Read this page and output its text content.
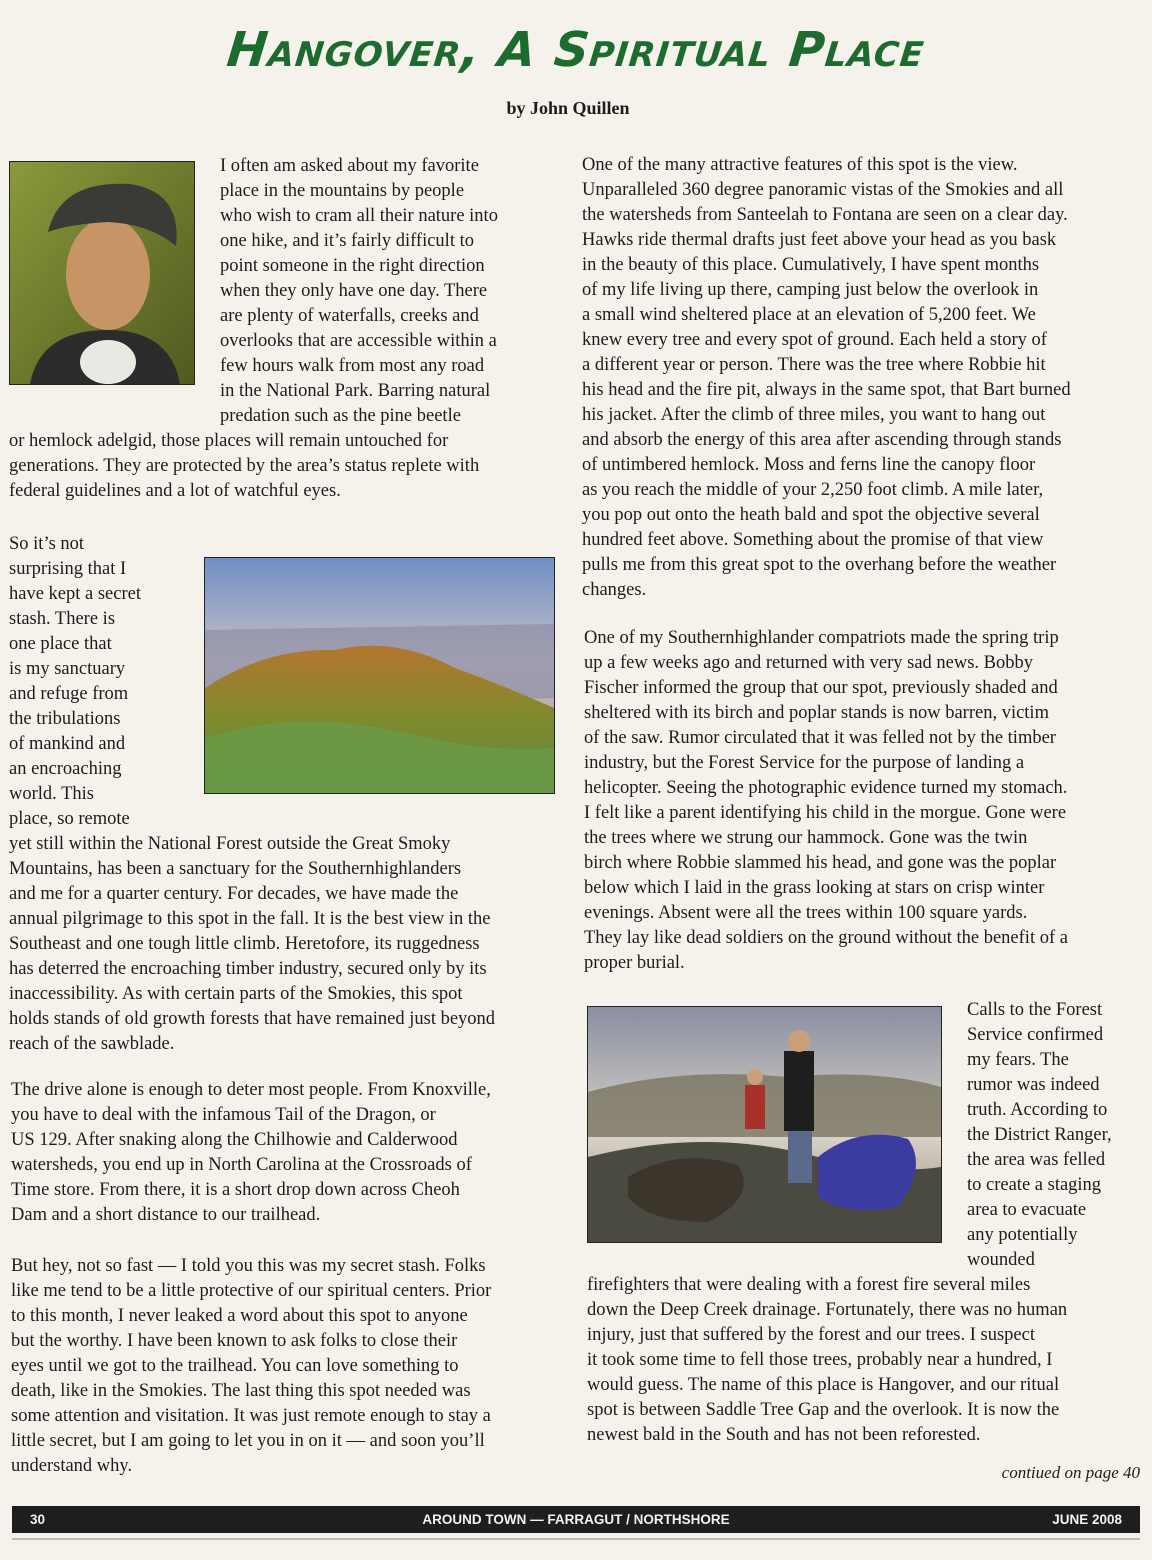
Hangover, A Spiritual Place
by John Quillen
I often am asked about my favorite
place in the mountains by people
who wish to cram all their nature into
one hike, and it’s fairly difficult to
point someone in the right direction
when they only have one day. There
are plenty of waterfalls, creeks and
overlooks that are accessible within a
few hours walk from most any road
in the National Park. Barring natural
predation such as the pine beetle
or hemlock adelgid, those places will remain untouched for
generations. They are protected by the area’s status replete with
federal guidelines and a lot of watchful eyes.
So it’s not
surprising that I
have kept a secret
stash. There is
one place that
is my sanctuary
and refuge from
the tribulations
of mankind and
an encroaching
world. This
place, so remote
yet still within the National Forest outside the Great Smoky
Mountains, has been a sanctuary for the Southernhighlanders
and me for a quarter century. For decades, we have made the
annual pilgrimage to this spot in the fall. It is the best view in the
Southeast and one tough little climb. Heretofore, its ruggedness
has deterred the encroaching timber industry, secured only by its
inaccessibility. As with certain parts of the Smokies, this spot
holds stands of old growth forests that have remained just beyond
reach of the sawblade.
The drive alone is enough to deter most people. From Knoxville,
you have to deal with the infamous Tail of the Dragon, or
US 129. After snaking along the Chilhowie and Calderwood
watersheds, you end up in North Carolina at the Crossroads of
Time store. From there, it is a short drop down across Cheoh
Dam and a short distance to our trailhead.
But hey, not so fast — I told you this was my secret stash. Folks
like me tend to be a little protective of our spiritual centers. Prior
to this month, I never leaked a word about this spot to anyone
but the worthy. I have been known to ask folks to close their
eyes until we got to the trailhead. You can love something to
death, like in the Smokies. The last thing this spot needed was
some attention and visitation. It was just remote enough to stay a
little secret, but I am going to let you in on it — and soon you’ll
understand why.
One of the many attractive features of this spot is the view.
Unparalleled 360 degree panoramic vistas of the Smokies and all
the watersheds from Santeelah to Fontana are seen on a clear day.
Hawks ride thermal drafts just feet above your head as you bask
in the beauty of this place. Cumulatively, I have spent months
of my life living up there, camping just below the overlook in
a small wind sheltered place at an elevation of 5,200 feet. We
knew every tree and every spot of ground. Each held a story of
a different year or person. There was the tree where Robbie hit
his head and the fire pit, always in the same spot, that Bart burned
his jacket. After the climb of three miles, you want to hang out
and absorb the energy of this area after ascending through stands
of untimbered hemlock. Moss and ferns line the canopy floor
as you reach the middle of your 2,250 foot climb. A mile later,
you pop out onto the heath bald and spot the objective several
hundred feet above. Something about the promise of that view
pulls me from this great spot to the overhang before the weather
changes.
One of my Southernhighlander compatriots made the spring trip
up a few weeks ago and returned with very sad news. Bobby
Fischer informed the group that our spot, previously shaded and
sheltered with its birch and poplar stands is now barren, victim
of the saw. Rumor circulated that it was felled not by the timber
industry, but the Forest Service for the purpose of landing a
helicopter. Seeing the photographic evidence turned my stomach.
I felt like a parent identifying his child in the morgue. Gone were
the trees where we strung our hammock. Gone was the twin
birch where Robbie slammed his head, and gone was the poplar
below which I laid in the grass looking at stars on crisp winter
evenings. Absent were all the trees within 100 square yards.
They lay like dead soldiers on the ground without the benefit of a
proper burial.
Calls to the Forest
Service confirmed
my fears. The
rumor was indeed
truth. According to
the District Ranger,
the area was felled
to create a staging
area to evacuate
any potentially
wounded
firefighters that were dealing with a forest fire several miles
down the Deep Creek drainage. Fortunately, there was no human
injury, just that suffered by the forest and our trees. I suspect
it took some time to fell those trees, probably near a hundred, I
would guess. The name of this place is Hangover, and our ritual
spot is between Saddle Tree Gap and the overlook. It is now the
newest bald in the South and has not been reforested.
contiued on page 40
30	AROUND TOWN — FARRAGUT / NORTHSHORE	JUNE 2008
